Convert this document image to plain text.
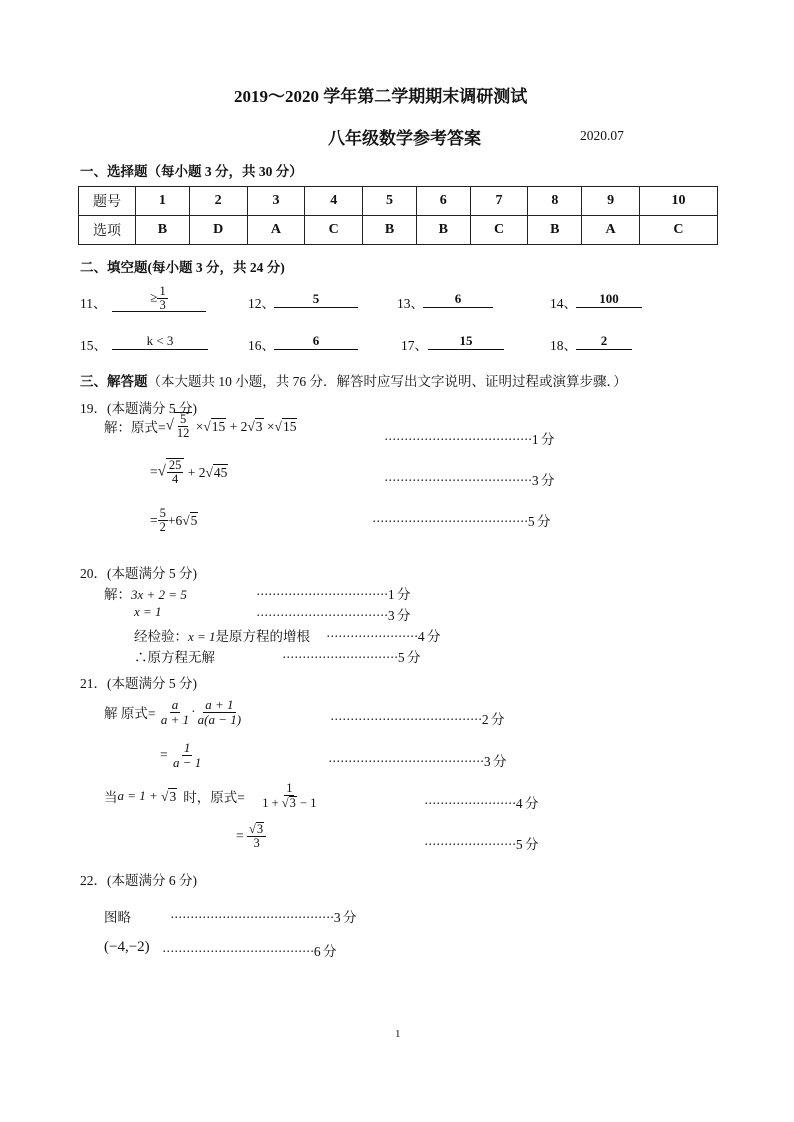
2019～2020 学年第二学期期末调研测试
八年级数学参考答案	2020.07
一、选择题（每小题 3 分，共 30 分）
题号	1	2	3	4	5	6	7	8	9	10
选项	B	D	A	C	B	B	C	B	A	C
二、填空题(每小题 3 分，共 24 分)
11、	≥ $\frac{1}{3}$	12、	5	13、	6	14、	100
15、	k < 3	16、	6	17、	15	18、	2
三、解答题（本大题共 10 小题，共 76 分．解答时应写出文字说明、证明过程或演算步骤．）
19．(本题满分 5 分)
解：原式=√ $\frac{5}{12} \times√15 + 2√3 \times√15$
·····································1 分
=√ $\frac{25}{4} + 2√45$
·····································3 分
= $\frac{5}{2} +6√5$	·······································5 分
20．(本题满分 5 分)
解：3x + 2 = 5	·································1 分
x = 1	·································3 分
经检验：x = 1是原方程的增根 ·······················4 分
∴原方程无解	·····························5 分
21．(本题满分 5 分)
解 原式= $\frac{a}{a + 1} \cdot \frac{a + 1}{a(a - 1)}$	······································2 分
= $\frac{1}{a - 1}$	·······································3 分
当a = 1 + √3 时，原式= $\frac{1}{1 + √3 - 1}$	·······················4 分
= $\frac{√3}{3}$	·······················5 分
22．(本题满分 6 分)
图略	·········································3 分
(−4,−2) ······································6 分
1
